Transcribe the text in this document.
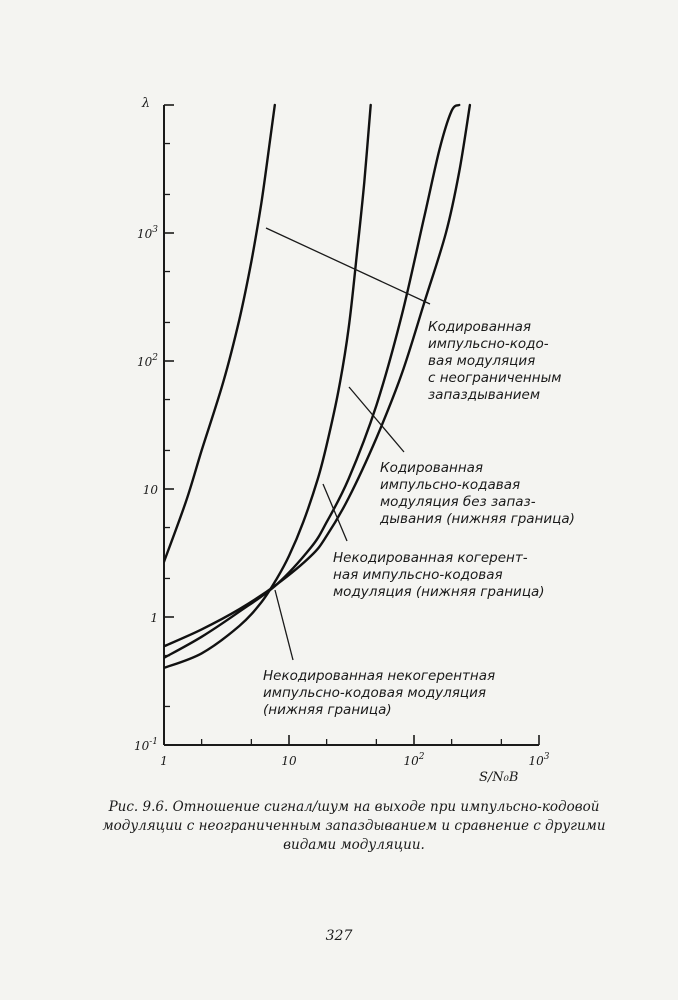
$10^{-1}$
1
10
$10^2$
$10^3$
1	10	$10^2$	$10^3$
λ
S/N₀B
Кодированная импульсно-кодо-вая модуляция с неограниченным запаздыванием
Кодированная импульсно-кодавая модуляция без запаз-дывания (нижняя граница)
Некодированная когерент-ная импульсно-кодовая модуляция (нижняя граница)
Некодированная некогерентная импульсно-кодовая модуляция (нижняя граница)

Рис. 9.6. Отношение сигнал/шум на выходе при импульсно-кодовой модуляции с неограниченным запаздыванием и сравнение с другими видами модуляции.

327
